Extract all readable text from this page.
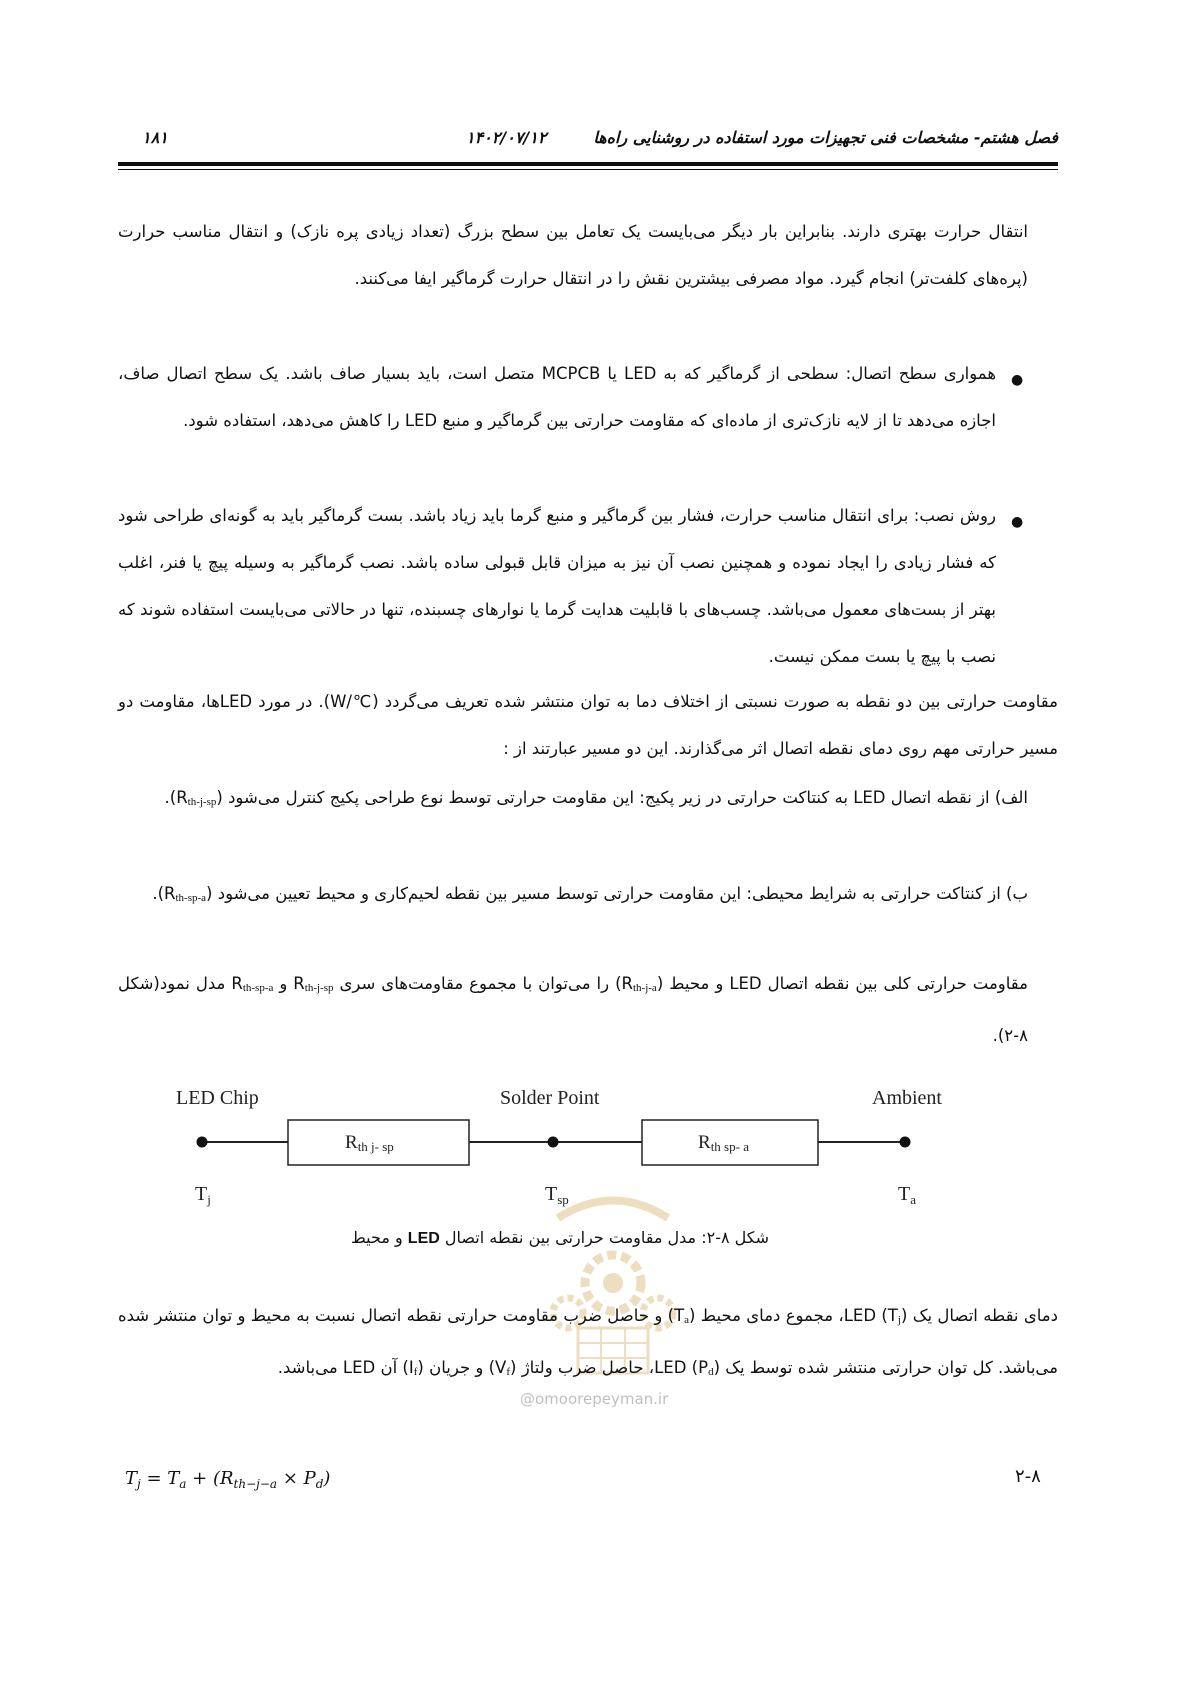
فصل هشتم- مشخصات فنی تجهیزات مورد استفاده در روشنایی راه‌ها
۱۴۰۲/۰۷/۱۲
۱۸۱

انتقال حرارت بهتری دارند. بنابراین بار دیگر می‌بایست یک تعامل بین سطح بزرگ (تعداد زیادی پره نازک) و انتقال مناسب حرارت (پره‌های کلفت‌تر) انجام گیرد. مواد مصرفی بیشترین نقش را در انتقال حرارت گرماگیر ایفا می‌کنند.

●

هموار‌ی سطح اتصال: سطحی از گرماگیر که به LED یا MCPCB متصل است، باید بسیار صاف باشد. یک سطح اتصال صاف، اجازه می‌دهد تا از لایه نازک‌تری از ماده‌ای که مقاومت حرارتی بین گرماگیر و منبع LED را کاهش می‌دهد، استفاده شود.

●

روش نصب: برای انتقال مناسب حرارت، فشار بین گرماگیر و منبع گرما باید زیاد باشد. بست گرماگیر باید به گونه‌ای طراحی شود که فشار زیادی را ایجاد نموده و همچنین نصب آن نیز به میزان قابل قبولی ساده باشد. نصب گرماگیر به وسیله پیچ یا فنر، اغلب بهتر از بست‌های معمول می‌باشد. چسب‌های با قابلیت هدایت گرما یا نوارهای چسبنده، تنها در حالاتی می‌بایست استفاده شوند که نصب با پیچ یا بست ممکن نیست.

مقاومت حرارتی بین دو نقطه به صورت نسبتی از اختلاف دما به توان منتشر شده تعریف می‌گردد (℃/W). در مورد LEDها، مقاومت دو مسیر حرارتی مهم روی دمای نقطه اتصال اثر می‌گذارند. این دو مسیر عبارتند از :

الف) از نقطه اتصال LED به کنتاکت حرارتی در زیر پکیج: این مقاومت حرارتی توسط نوع طراحی پکیج کنترل می‌شود (Rth-j-sp).

ب) از کنتاکت حرارتی به شرایط محیطی: این مقاومت حرارتی توسط مسیر بین نقطه لحیم‌کاری و محیط تعیین می‌شود (Rth-sp-a).

مقاومت حرارتی کلی بین نقطه اتصال LED و محیط (Rth-j-a) را می‌توان با مجموع مقاومت‌های سری Rth-j-sp و Rth-sp-a مدل نمود(شکل ۸-۲).

LED Chip	Solder Point	Ambient
Rth j- sp	Rth sp- a
$T_j$	$T_{sp}$	$T_a$
شکل ۸-۲: مدل مقاومت حرارتی بین نقطه اتصال LED و محیط
@omoorepeyman.ir

دمای نقطه اتصال یک LED (Tj)، مجموع دمای محیط (Ta) و حاصل ضرب مقاومت حرارتی نقطه اتصال نسبت به محیط و توان منتشر شده می‌باشد. کل توان حرارتی منتشر شده توسط یک LED (Pd)، حاصل ضرب ولتاژ (Vf) و جریان (If) آن LED می‌باشد.

$T_j = T_a + (R_{th-j-a} \times P_d)$	۲-۸
